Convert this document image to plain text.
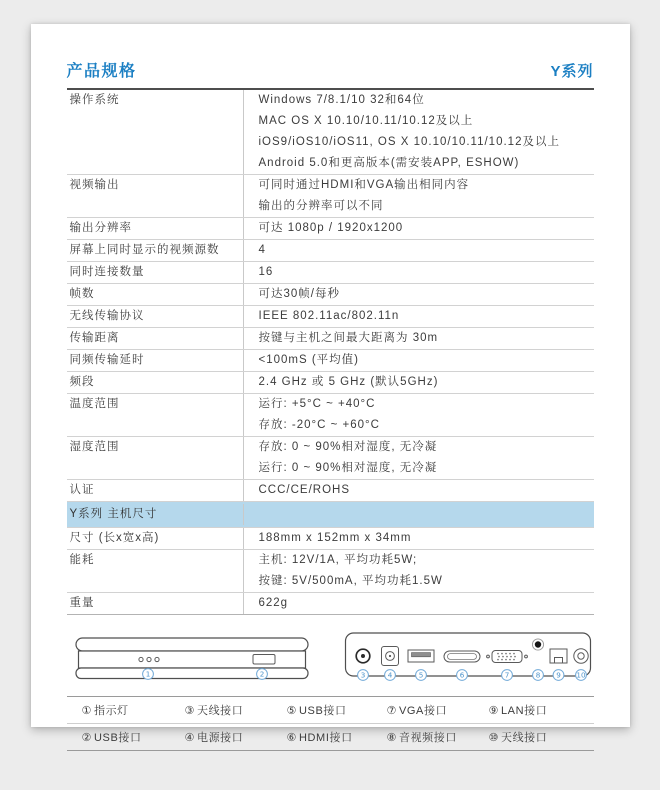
产品规格	Y系列
操作系统	Windows 7/8.1/10 32和64位
MAC OS X 10.10/10.11/10.12及以上
iOS9/iOS10/iOS11, OS X 10.10/10.11/10.12及以上
Android 5.0和更高版本(需安装APP, ESHOW)
视频输出	可同时通过HDMI和VGA输出相同内容
输出的分辨率可以不同
输出分辨率	可达 1080p / 1920x1200
屏幕上同时显示的视频源数	4
同时连接数量	16
帧数	可达30帧/每秒
无线传输协议	IEEE 802.11ac/802.11n
传输距离	按键与主机之间最大距离为 30m
同频传输延时	<100mS (平均值)
频段	2.4 GHz 或 5 GHz (默认5GHz)
温度范围	运行: +5°C ~ +40°C
存放: -20°C ~ +60°C
湿度范围	存放: 0 ~ 90%相对湿度, 无冷凝
运行: 0 ~ 90%相对湿度, 无冷凝
认证	CCC/CE/ROHS
Y系列 主机尺寸
尺寸 (长x宽x高)	188mm x 152mm x 34mm
能耗	主机: 12V/1A, 平均功耗5W;
按键: 5V/500mA, 平均功耗1.5W
重量	622g
1	2	3	4	5	6	7	8 9 10
① 指示灯	③ 天线接口	⑤ USB接口	⑦ VGA接口	⑨ LAN接口
② USB接口	④ 电源接口	⑥ HDMI接口	⑧ 音视频接口	⑩ 天线接口
